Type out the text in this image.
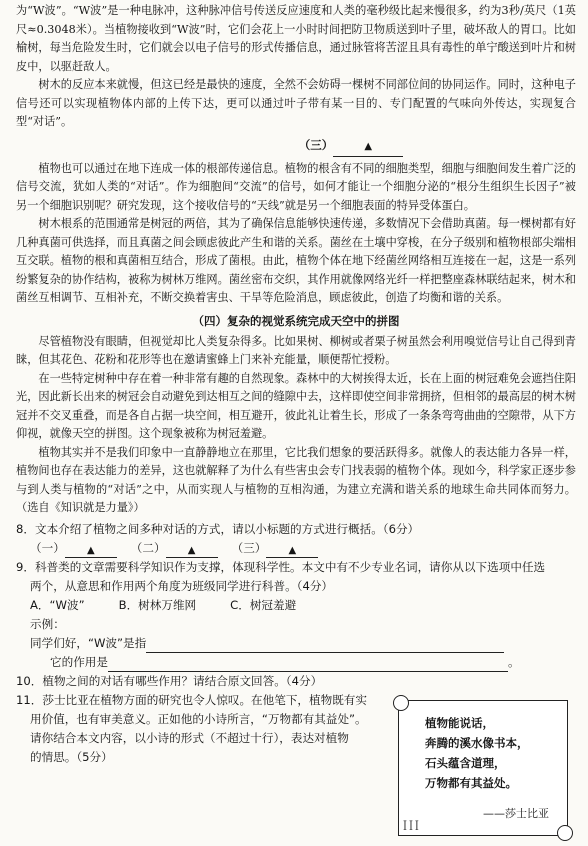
为“W波”。“W波”是一种电脉冲，这种脉冲信号传送反应速度和人类的毫秒级比起来慢很多，约为3秒/英尺（1英尺≈0.3048米）。当植物接收到“W波”时，它们会花上一小时时间把防卫物质送到叶子里，破坏敌人的胃口。比如榆树，每当危险发生时，它们就会以电子信号的形式传播信息，通过脉管将苦涩且具有毒性的单宁酸送到叶片和树皮中，以驱赶敌人。

树木的反应本来就慢，但这已经是最快的速度，全然不会妨碍一棵树不同部位间的协同运作。同时，这种电子信号还可以实现植物体内部的上传下达，更可以通过叶子带有某一目的、专门配置的气味向外传达，实现复合型“对话”。

（三）	▲

植物也可以通过在地下连成一体的根部传递信息。植物的根含有不同的细胞类型，细胞与细胞间发生着广泛的信号交流，犹如人类的“对话”。作为细胞间“交流”的信号，如何才能让一个细胞分泌的“根分生组织生长因子”被另一个细胞识别呢？研究发现，这个接收信号的“天线”就是另一个细胞表面的特异受体蛋白。

树木根系的范围通常是树冠的两倍，其为了确保信息能够快速传递，多数情况下会借助真菌。每一棵树都有好几种真菌可供选择，而且真菌之间会顾虑彼此产生和谐的关系。菌丝在土壤中穿梭，在分子级别和植物根部尖端相互交联。植物的根和真菌相互结合，形成了菌根。由此，植物个体在地下经菌丝网络相互连接在一起，这是一系列纷繁复杂的协作结构，被称为树林万维网。菌丝密布交织，其作用就像网络光纤一样把整座森林联结起来，树木和菌丝互相调节、互相补充，不断交换着害虫、干旱等危险消息，顾虑彼此，创造了均衡和谐的关系。

（四）复杂的视觉系统完成天空中的拼图

尽管植物没有眼睛，但视觉却比人类复杂得多。比如果树、柳树或者栗子树虽然会利用嗅觉信号让自己得到青睐，但其花色、花粉和花形等也在邀请蜜蜂上门来补充能量，顺便帮忙授粉。

在一些特定树种中存在着一种非常有趣的自然现象。森林中的大树挨得太近，长在上面的树冠难免会遮挡住阳光，因此新长出来的树冠会自动避免到达相互之间的缝隙中去，这样即使空间非常拥挤，但相邻的最高层的树木树冠并不交叉重叠，而是各自占据一块空间，相互避开，彼此礼让着生长，形成了一条条弯弯曲曲的空隙带，从下方仰视，就像天空的拼图。这个现象被称为树冠羞避。

植物其实并不是我们印象中一直静静地立在那里，它比我们想象的要活跃得多。就像人的表达能力各异一样，植物间也存在表达能力的差异，这也就解释了为什么有些害虫会专门找表弱的植物个体。现如今，科学家正逐步参与到人类与植物的“对话”之中，从而实现人与植物的互相沟通，为建立充满和谐关系的地球生命共同体而努力。（选自《知识就是力量》）

8．文本介绍了植物之间多种对话的方式，请以小标题的方式进行概括。（6分）

（一）	▲	（二）	▲	（三）	▲

9．科普类的文章需要科学知识作为支撑，体现科学性。本文中有不少专业名词，请你从以下选项中任选

两个，从意思和作用两个角度为班级同学进行科普。（4分）

A．“W波”	B．树林万维网	C．树冠羞避

示例：

同学们好，“W波”是指

它的作用是	。

10．植物之间的对话有哪些作用？请结合原文回答。（4分）

11．莎士比亚在植物方面的研究也令人惊叹。在他笔下，植物既有实

用价值，也有审美意义。正如他的小诗所言，“万物都有其益处”。

请你结合本文内容，以小诗的形式（不超过十行），表达对植物

的情思。（5分）

植物能说话，
奔腾的溪水像书本，
石头蕴含道理，
万物都有其益处。
——莎士比亚
ꟾꟾꟾ
